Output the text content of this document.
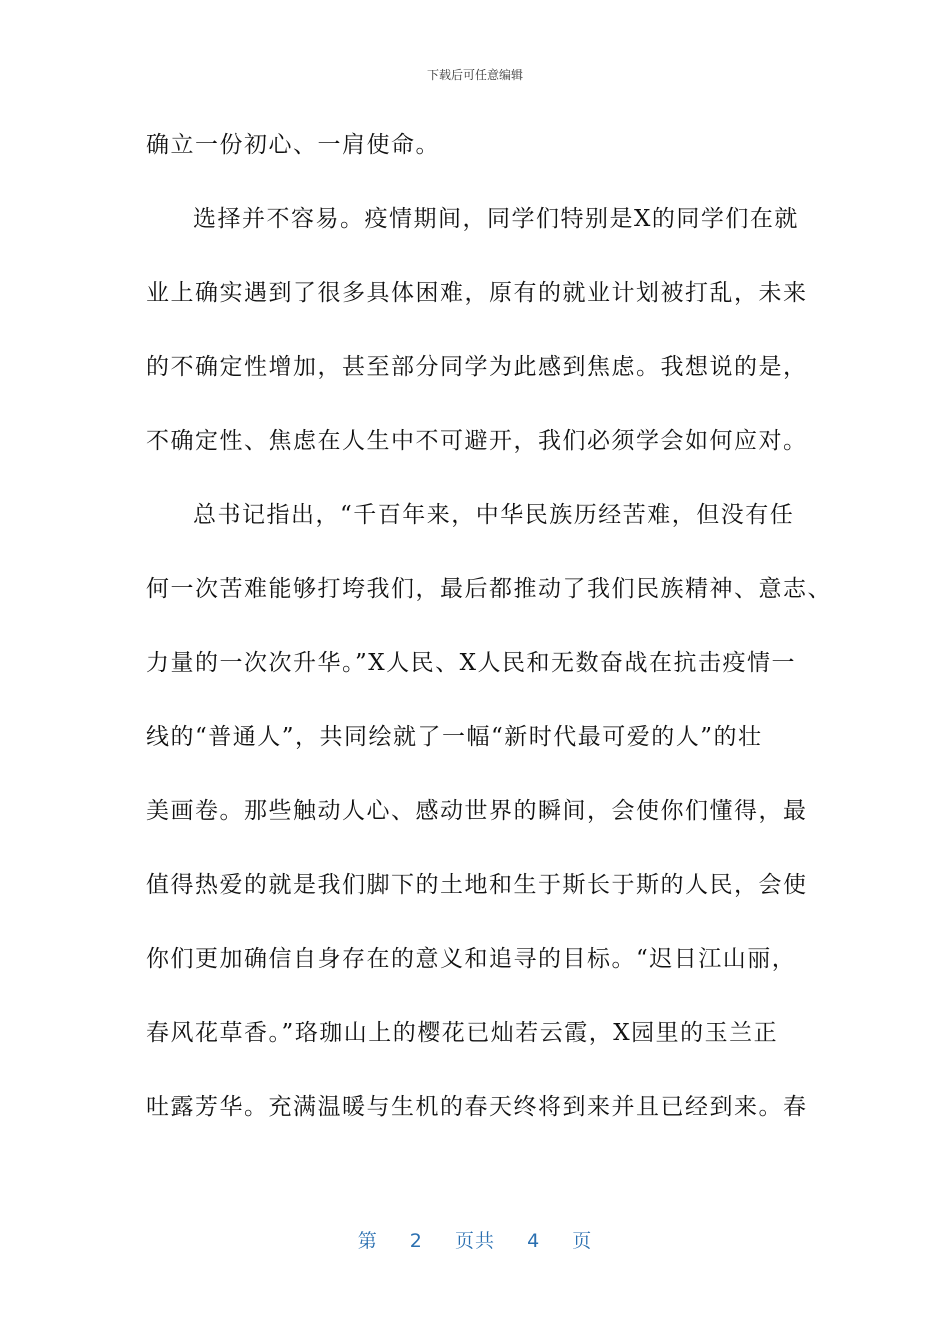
下载后可任意编辑
确立一份初心、一肩使命。
选择并不容易。疫情期间，同学们特别是X的同学们在就
业上确实遇到了很多具体困难，原有的就业计划被打乱，未来
的不确定性增加，甚至部分同学为此感到焦虑。我想说的是，
不确定性、焦虑在人生中不可避开，我们必须学会如何应对。
总书记指出，“千百年来，中华民族历经苦难，但没有任
何一次苦难能够打垮我们，最后都推动了我们民族精神、意志、
力量的一次次升华。”X人民、X人民和无数奋战在抗击疫情一
线的“普通人”，共同绘就了一幅“新时代最可爱的人”的壮
美画卷。那些触动人心、感动世界的瞬间，会使你们懂得，最
值得热爱的就是我们脚下的土地和生于斯长于斯的人民，会使
你们更加确信自身存在的意义和追寻的目标。“迟日江山丽，
春风花草香。”珞珈山上的樱花已灿若云霞，X园里的玉兰正
吐露芳华。充满温暖与生机的春天终将到来并且已经到来。春
第 2 页共 4 页
